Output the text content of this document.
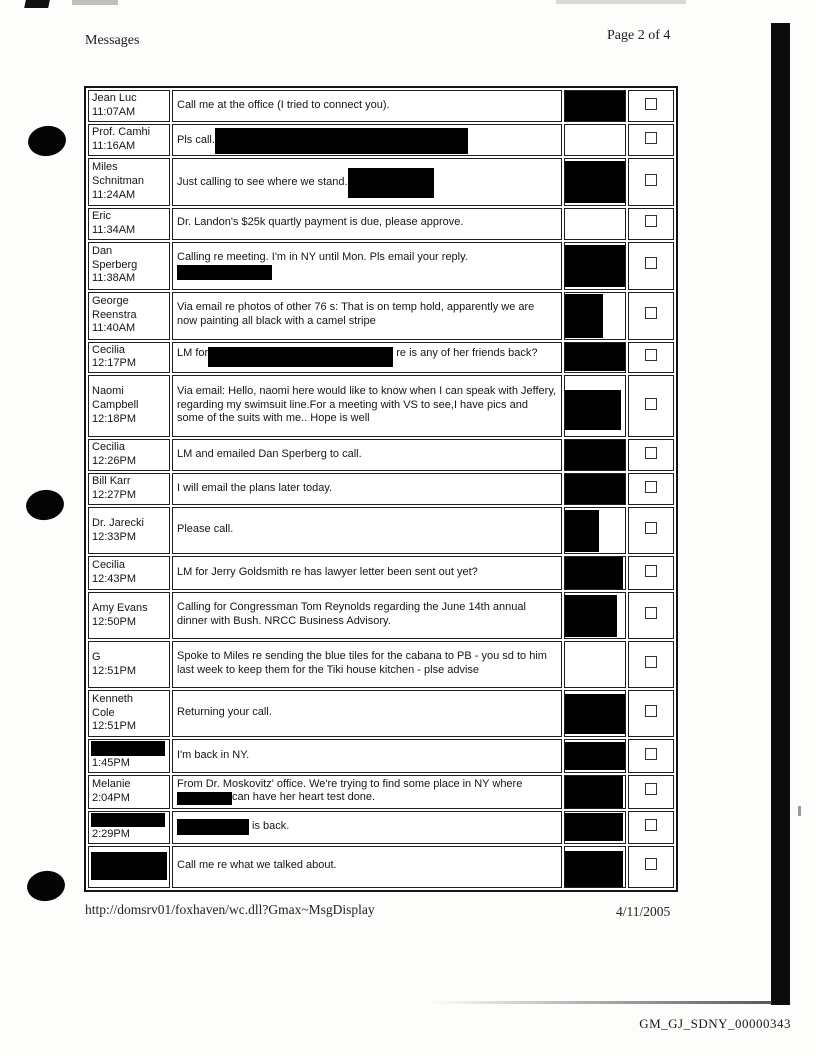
Messages	Page 2 of 4
Jean Luc
11:07AM	Call me at the office (I tried to connect you).	

Prof. Camhi
11:16AM	Pls call.		

Miles
Schnitman
11:24AM	Just calling to see where we stand.	

Eric
11:34AM	Dr. Landon's $25k quartly payment is due, please approve.		

Dan
Sperberg
11:38AM	Calling re meeting. I'm in NY until Mon. Pls email your reply.	

George
Reenstra
11:40AM	Via email re photos of other 76 s: That is on temp hold, apparently we are now painting all black with a camel stripe	

Cecilia
12:17PM	LM for re is any of her friends back?	

Naomi
Campbell
12:18PM	Via email: Hello, naomi here would like to know when I can speak with Jeffery, regarding my swimsuit line.For a meeting with VS to see,I have pics and some of the suits with me.. Hope is well	

Cecilia
12:26PM	LM and emailed Dan Sperberg to call.	

Bill Karr
12:27PM	I will email the plans later today.	

Dr. Jarecki
12:33PM	Please call.	

Cecilia
12:43PM	LM for Jerry Goldsmith re has lawyer letter been sent out yet?	

Amy Evans
12:50PM	Calling for Congressman Tom Reynolds regarding the June 14th annual dinner with Bush. NRCC Business Advisory.	

G
12:51PM	Spoke to Miles re sending the blue tiles for the cabana to PB - you sd to him last week to keep them for the Tiki house kitchen - plse advise		

Kenneth
Cole
12:51PM	Returning your call.	

1:45PM	I'm back in NY.	

Melanie
2:04PM	From Dr. Moskovitz' office. We're trying to find some place in NY where can have her heart test done.	

2:29PM	is back.	

	Call me re what we talked about.	

http://domsrv01/foxhaven/wc.dll?Gmax~MsgDisplay	4/11/2005
GM_GJ_SDNY_00000343
